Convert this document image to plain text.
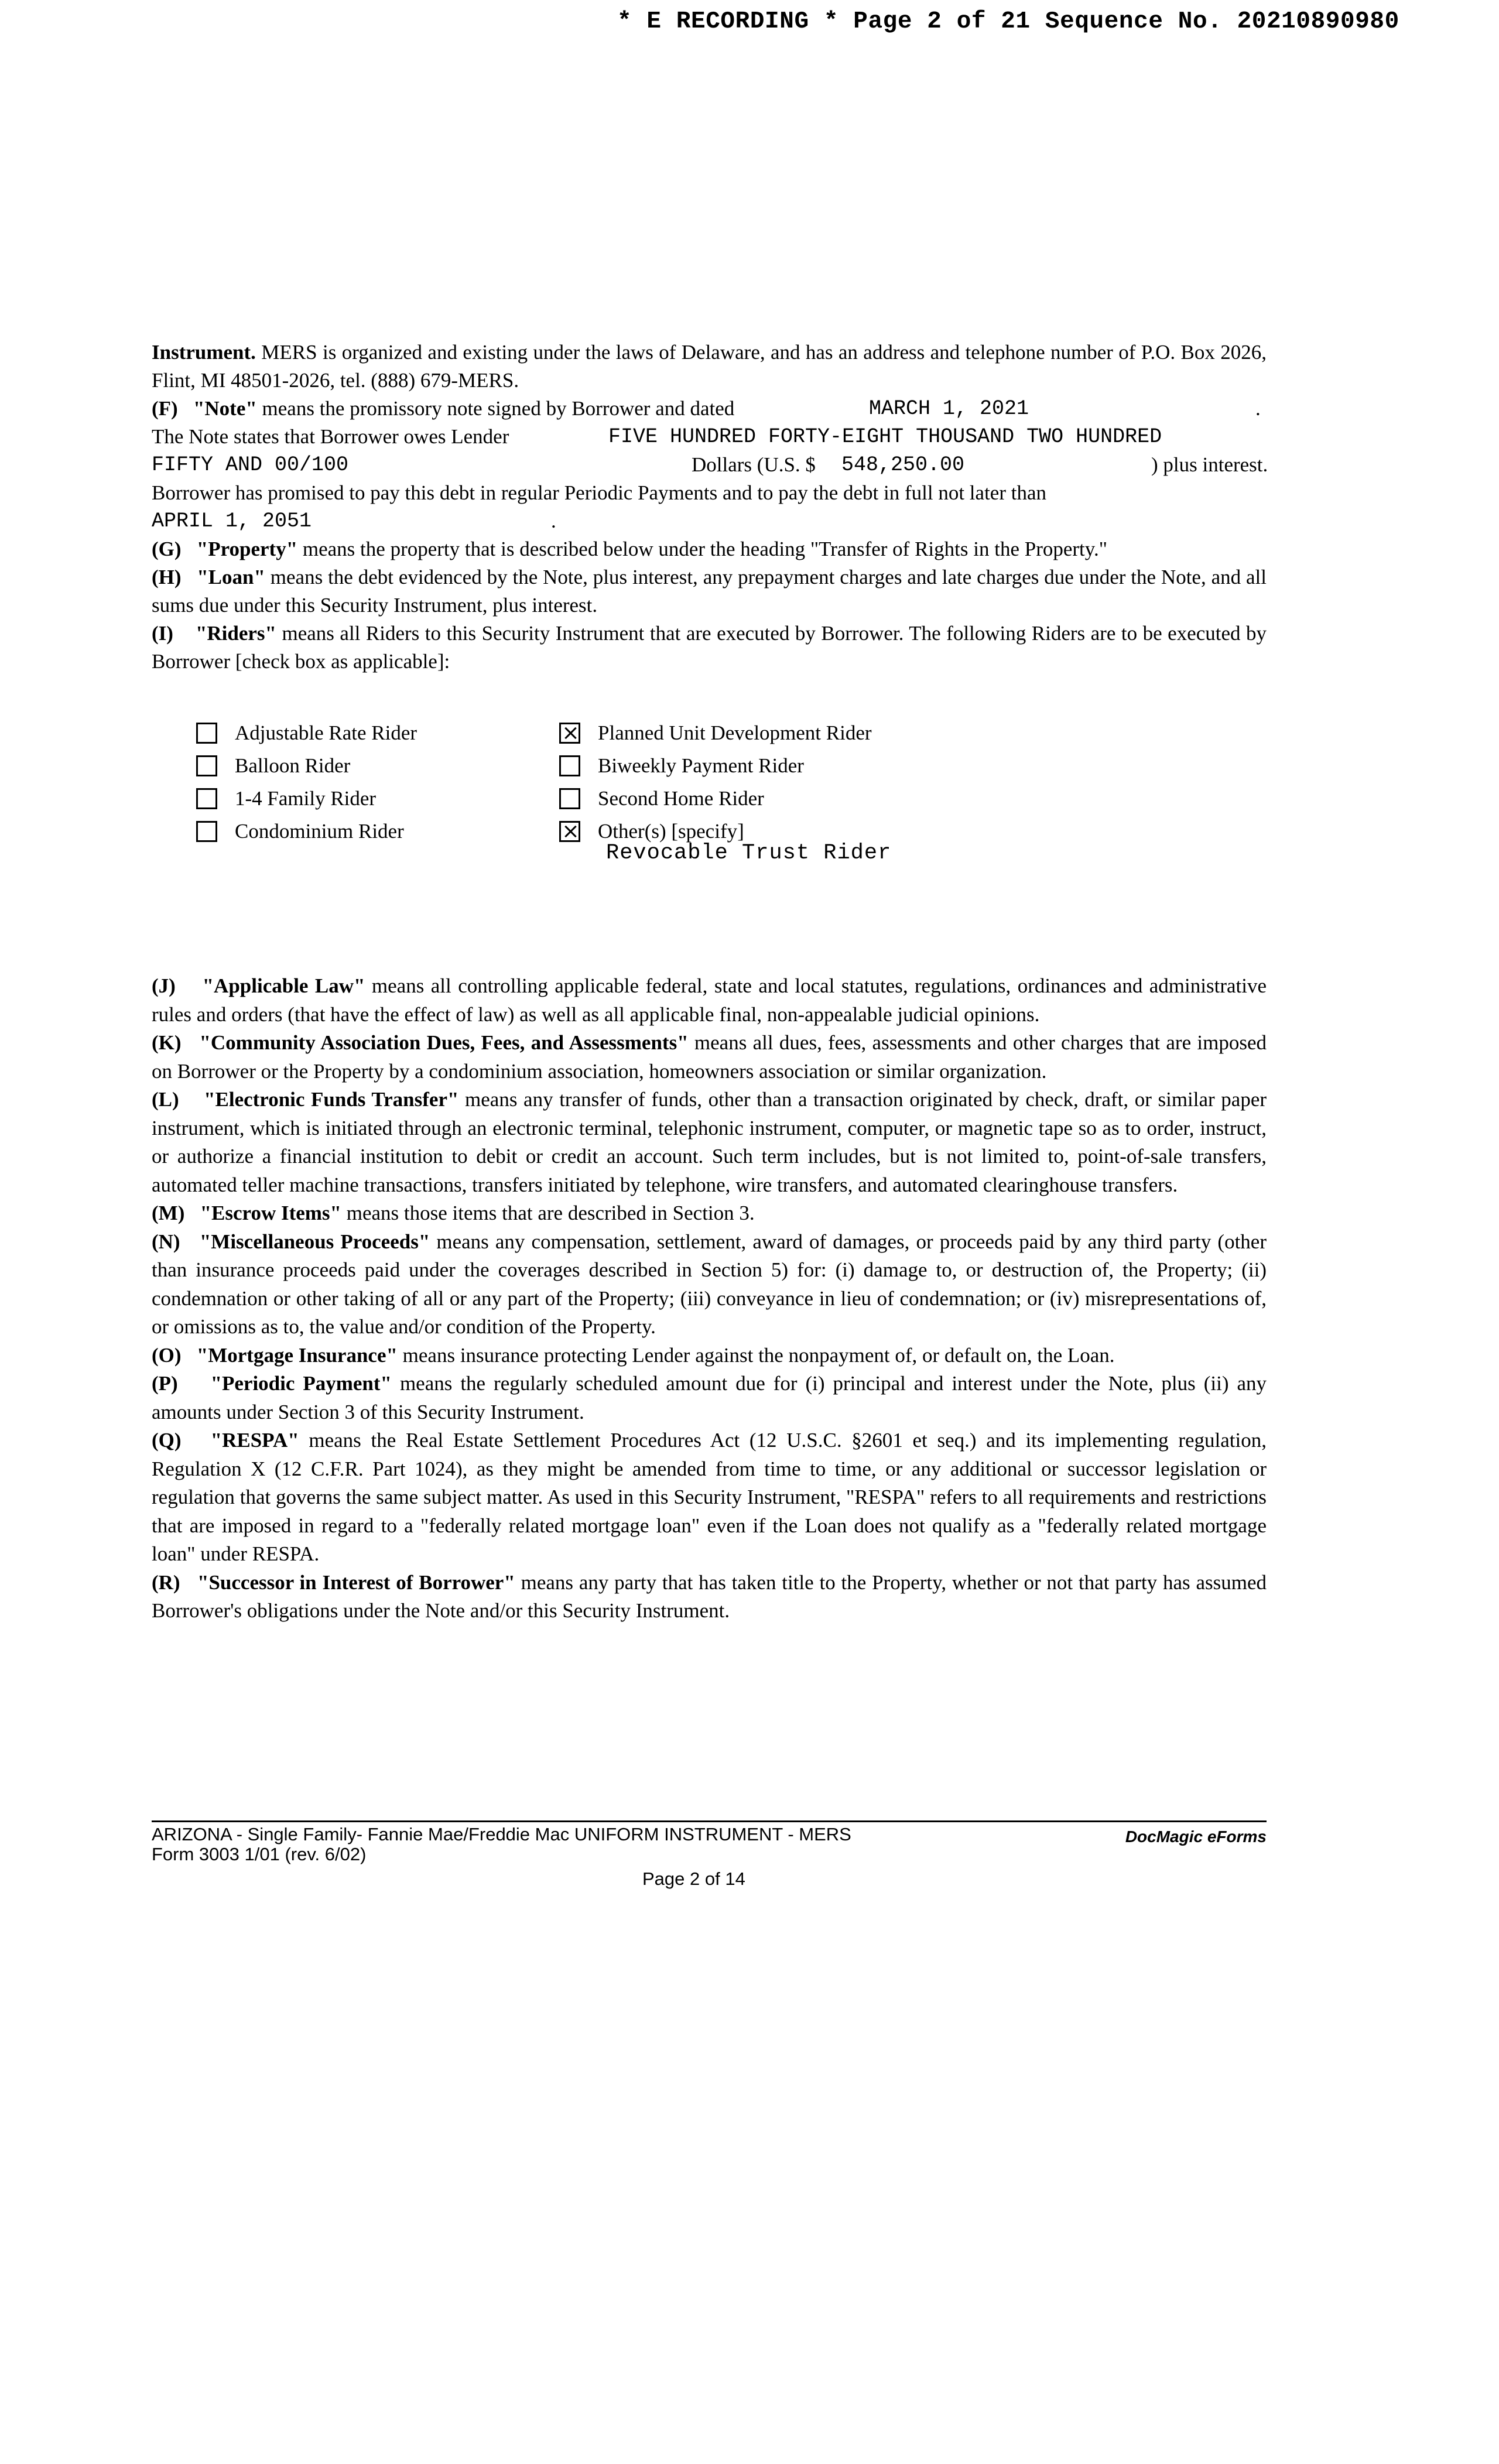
* E RECORDING * Page 2 of 21 Sequence No. 20210890980

Instrument. MERS is organized and existing under the laws of Delaware, and has an address and telephone number of P.O. Box 2026, Flint, MI 48501-2026, tel. (888) 679-MERS.

(F) "Note" means the promissory note signed by Borrower and dated	MARCH 1, 2021	.
The Note states that Borrower owes Lender	FIVE HUNDRED FORTY-EIGHT THOUSAND TWO HUNDRED
FIFTY AND 00/100	Dollars (U.S. $ 548,250.00	) plus interest.

Borrower has promised to pay this debt in regular Periodic Payments and to pay the debt in full not later than

APRIL 1, 2051	.

(G) "Property" means the property that is described below under the heading "Transfer of Rights in the Property."

(H) "Loan" means the debt evidenced by the Note, plus interest, any prepayment charges and late charges due under the Note, and all sums due under this Security Instrument, plus interest.

(I) "Riders" means all Riders to this Security Instrument that are executed by Borrower. The following Riders are to be executed by Borrower [check box as applicable]:

Adjustable Rate Rider
Balloon Rider
1-4 Family Rider
Condominium Rider
Planned Unit Development Rider
Biweekly Payment Rider
Second Home Rider
Other(s) [specify]
Revocable Trust Rider

(J) "Applicable Law" means all controlling applicable federal, state and local statutes, regulations, ordinances and administrative rules and orders (that have the effect of law) as well as all applicable final, non-appealable judicial opinions.

(K) "Community Association Dues, Fees, and Assessments" means all dues, fees, assessments and other charges that are imposed on Borrower or the Property by a condominium association, homeowners association or similar organization.

(L) "Electronic Funds Transfer" means any transfer of funds, other than a transaction originated by check, draft, or similar paper instrument, which is initiated through an electronic terminal, telephonic instrument, computer, or magnetic tape so as to order, instruct, or authorize a financial institution to debit or credit an account. Such term includes, but is not limited to, point-of-sale transfers, automated teller machine transactions, transfers initiated by telephone, wire transfers, and automated clearinghouse transfers.

(M) "Escrow Items" means those items that are described in Section 3.

(N) "Miscellaneous Proceeds" means any compensation, settlement, award of damages, or proceeds paid by any third party (other than insurance proceeds paid under the coverages described in Section 5) for: (i) damage to, or destruction of, the Property; (ii) condemnation or other taking of all or any part of the Property; (iii) conveyance in lieu of condemnation; or (iv) misrepresentations of, or omissions as to, the value and/or condition of the Property.

(O) "Mortgage Insurance" means insurance protecting Lender against the nonpayment of, or default on, the Loan.

(P) "Periodic Payment" means the regularly scheduled amount due for (i) principal and interest under the Note, plus (ii) any amounts under Section 3 of this Security Instrument.

(Q) "RESPA" means the Real Estate Settlement Procedures Act (12 U.S.C. §2601 et seq.) and its implementing regulation, Regulation X (12 C.F.R. Part 1024), as they might be amended from time to time, or any additional or successor legislation or regulation that governs the same subject matter. As used in this Security Instrument, "RESPA" refers to all requirements and restrictions that are imposed in regard to a "federally related mortgage loan" even if the Loan does not qualify as a "federally related mortgage loan" under RESPA.

(R) "Successor in Interest of Borrower" means any party that has taken title to the Property, whether or not that party has assumed Borrower's obligations under the Note and/or this Security Instrument.

ARIZONA - Single Family- Fannie Mae/Freddie Mac UNIFORM INSTRUMENT - MERS
Form 3003 1/01 (rev. 6/02)
DocMagic eForms
Page 2 of 14
